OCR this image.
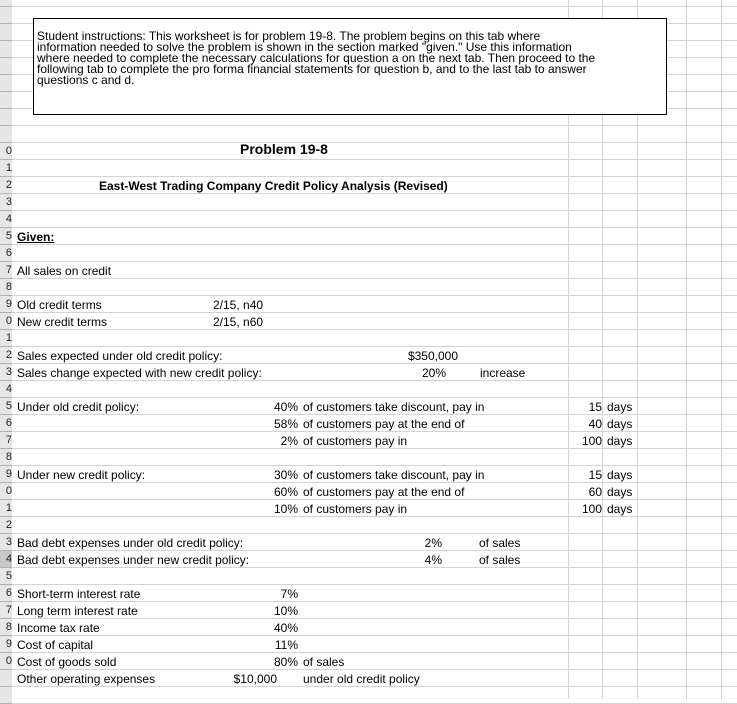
0
1
2
3
4
5
6
7
8
9
0
1
2
3
4
5
6
7
8
9
0
1
2
3
4
5
6
7
8
9
0

Student instructions: This worksheet is for problem 19-8. The problem begins on this tab where
information needed to solve the problem is shown in the section marked "given." Use this information
where needed to complete the necessary calculations for question a on the next tab. Then proceed to the
following tab to complete the pro forma financial statements for question b, and to the last tab to answer
questions c and d.

Problem 19-8
East-West Trading Company Credit Policy Analysis (Revised)
Given:
All sales on credit
Old credit terms	2/15, n40
New credit terms	2/15, n60
Sales expected under old credit policy:	$350,000
Sales change expected with new credit policy:	20%	increase
Under old credit policy:	40% of customers take discount, pay in	15 days
58% of customers pay at the end of	40 days
2% of customers pay in	100 days
Under new credit policy:	30% of customers take discount, pay in	15 days
60% of customers pay at the end of	60 days
10% of customers pay in	100 days
Bad debt expenses under old credit policy:	2%	of sales
Bad debt expenses under new credit policy:	4%	of sales
Short-term interest rate	7%
Long term interest rate	10%
Income tax rate	40%
Cost of capital	11%
Cost of goods sold	80% of sales
Other operating expenses	$10,000 under old credit policy
